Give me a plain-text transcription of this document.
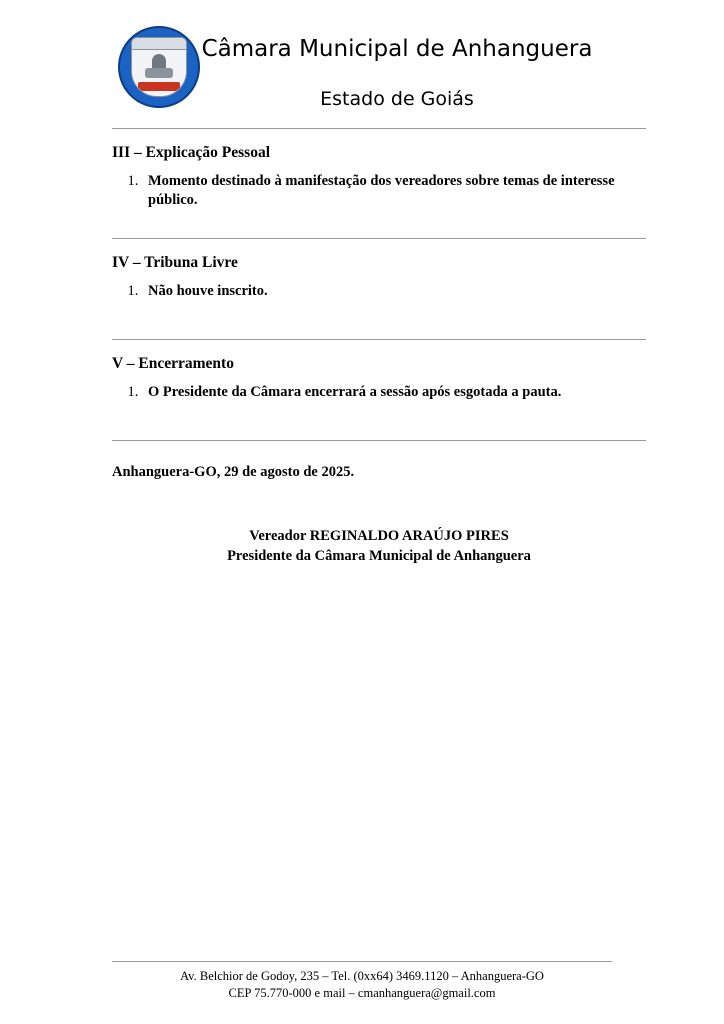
Câmara Municipal de Anhanguera
Estado de Goiás
III – Explicação Pessoal
1. Momento destinado à manifestação dos vereadores sobre temas de interesse público.
IV – Tribuna Livre
1. Não houve inscrito.
V – Encerramento
1. O Presidente da Câmara encerrará a sessão após esgotada a pauta.
Anhanguera-GO, 29 de agosto de 2025.
Vereador REGINALDO ARAÚJO PIRES
Presidente da Câmara Municipal de Anhanguera
Av. Belchior de Godoy, 235 – Tel. (0xx64) 3469.1120 – Anhanguera-GO
CEP 75.770-000 e mail – cmanhanguera@gmail.com
